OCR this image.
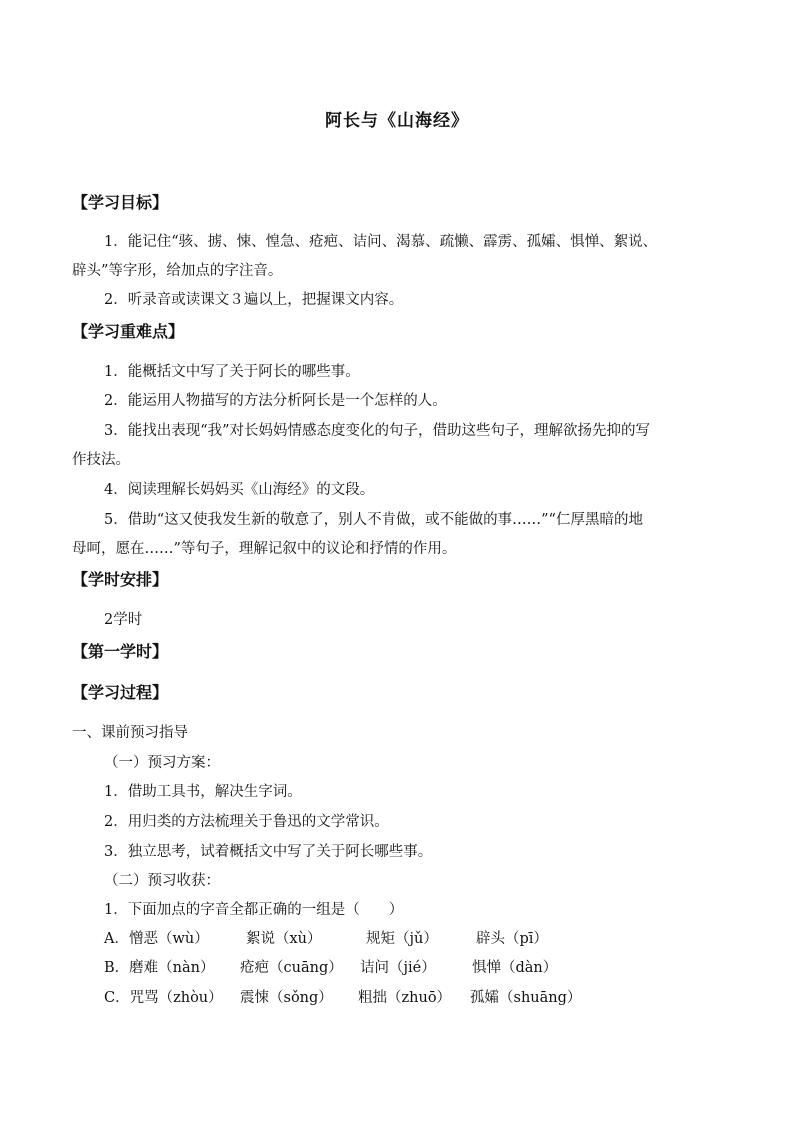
阿长与《山海经》
【学习目标】
1．能记住“骇、掳、悚、惶急、疮疤、诘问、渴慕、疏懒、霹雳、孤孀、惧惮、絮说、
辟头”等字形，给加点的字注音。
2．听录音或读课文３遍以上，把握课文内容。
【学习重难点】
1．能概括文中写了关于阿长的哪些事。
2．能运用人物描写的方法分析阿长是一个怎样的人。
3．能找出表现“我”对长妈妈情感态度变化的句子，借助这些句子，理解欲扬先抑的写
作技法。
4．阅读理解长妈妈买《山海经》的文段。
5．借助“这又使我发生新的敬意了，别人不肯做，或不能做的事……”“仁厚黑暗的地
母呵，愿在……”等句子，理解记叙中的议论和抒情的作用。
【学时安排】
2学时
【第一学时】
【学习过程】
一、课前预习指导
（一）预习方案：
1．借助工具书，解决生字词。
2．用归类的方法梳理关于鲁迅的文学常识。
3．独立思考，试着概括文中写了关于阿长哪些事。
（二）预习收获：
1．下面加点的字音全都正确的一组是（　　）
A．憎恶（wù）	絮说（xù）	规矩（jǔ）	辟头（pī）
B．磨难（nàn） 疮疤（cuāng） 诘问（jié）	惧惮（dàn）
C．咒骂（zhòu） 震悚（sǒng） 粗拙（zhuō） 孤孀（shuāng）
